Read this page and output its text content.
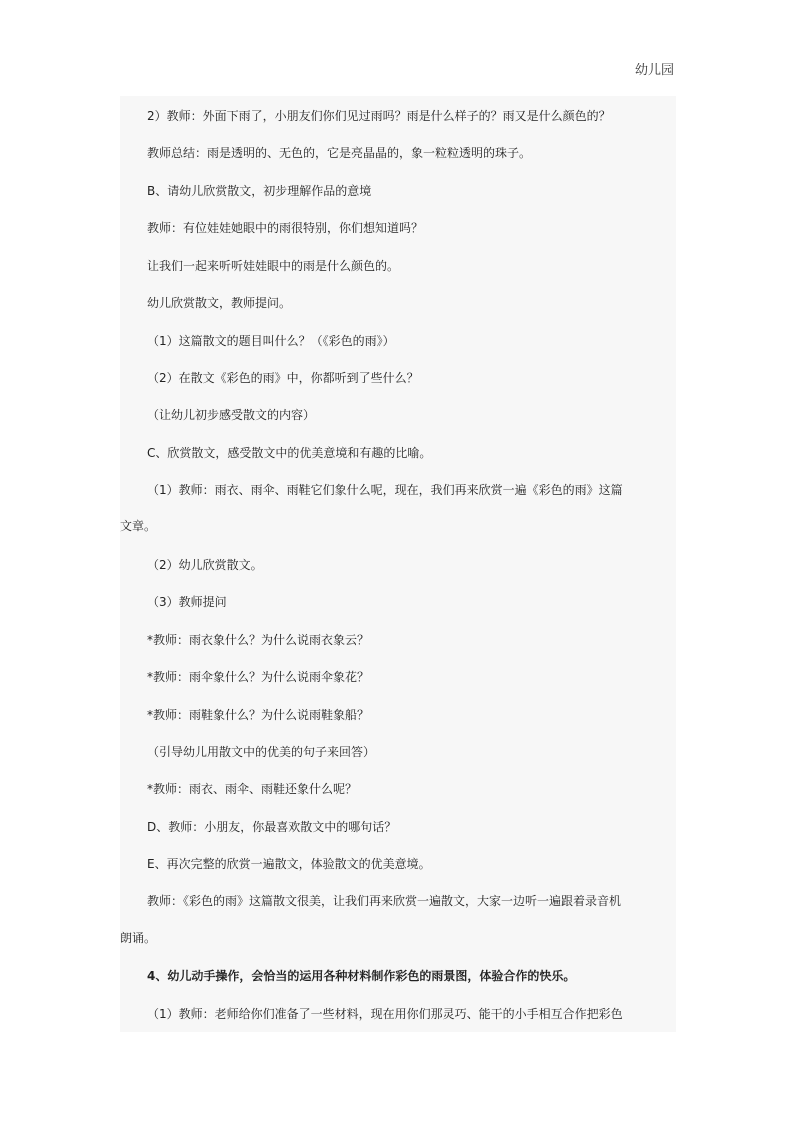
幼儿园
2）教师：外面下雨了，小朋友们你们见过雨吗？雨是什么样子的？雨又是什么颜色的？
教师总结：雨是透明的、无色的，它是亮晶晶的，象一粒粒透明的珠子。
B、请幼儿欣赏散文，初步理解作品的意境
教师：有位娃娃她眼中的雨很特别，你们想知道吗？
让我们一起来听听娃娃眼中的雨是什么颜色的。
幼儿欣赏散文，教师提问。
（1）这篇散文的题目叫什么？（《彩色的雨》）
（2）在散文《彩色的雨》中，你都听到了些什么？
（让幼儿初步感受散文的内容）
C、欣赏散文，感受散文中的优美意境和有趣的比喻。
（1）教师：雨衣、雨伞、雨鞋它们象什么呢，现在，我们再来欣赏一遍《彩色的雨》这篇
文章。
（2）幼儿欣赏散文。
（3）教师提问
*教师：雨衣象什么？为什么说雨衣象云？
*教师：雨伞象什么？为什么说雨伞象花？
*教师：雨鞋象什么？为什么说雨鞋象船？
（引导幼儿用散文中的优美的句子来回答）
*教师：雨衣、雨伞、雨鞋还象什么呢？
D、教师：小朋友，你最喜欢散文中的哪句话？
E、再次完整的欣赏一遍散文，体验散文的优美意境。
教师：《彩色的雨》这篇散文很美，让我们再来欣赏一遍散文，大家一边听一遍跟着录音机
朗诵。
4、幼儿动手操作，会恰当的运用各种材料制作彩色的雨景图，体验合作的快乐。
（1）教师：老师给你们准备了一些材料，现在用你们那灵巧、能干的小手相互合作把彩色
